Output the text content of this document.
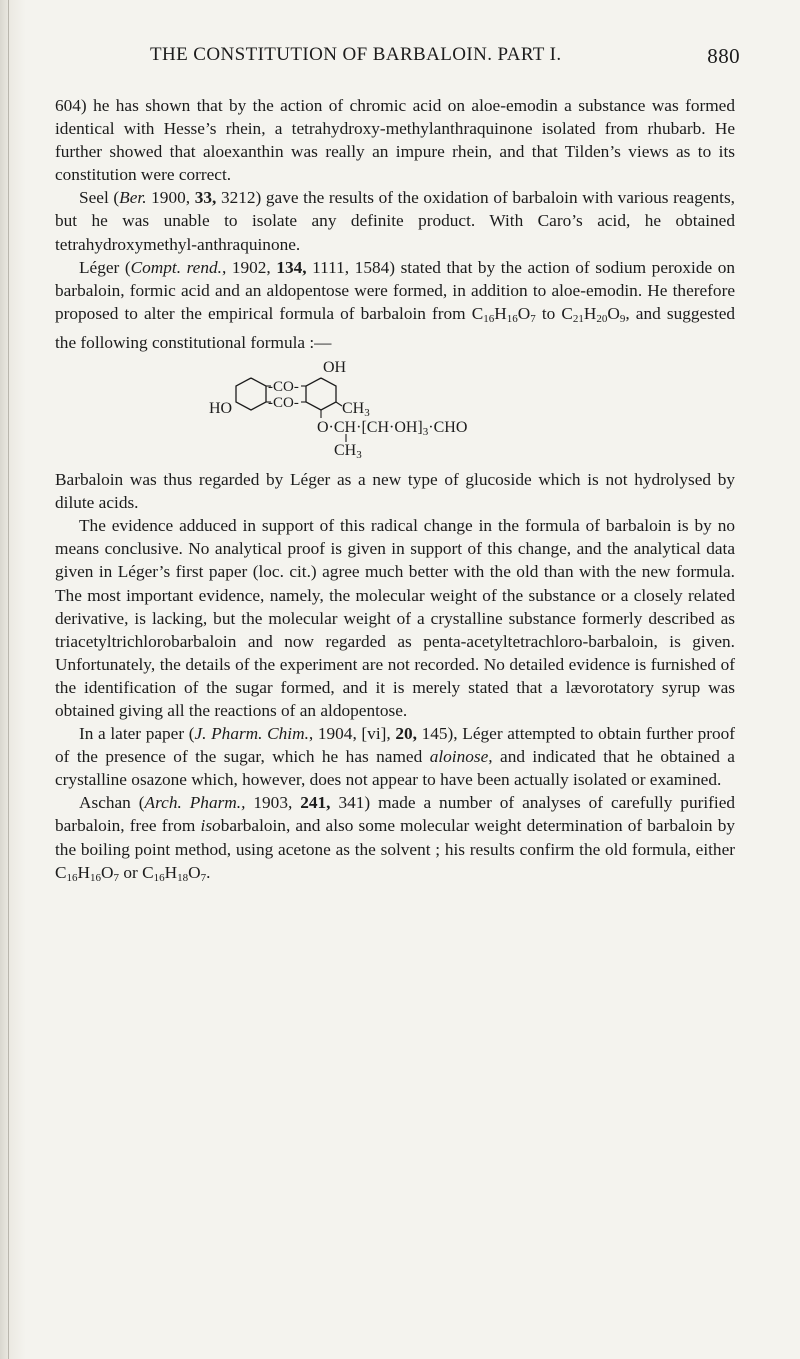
THE CONSTITUTION OF BARBALOIN. PART I.	880

604) he has shown that by the action of chromic acid on aloe-emodin a substance was formed identical with Hesse’s rhein, a tetrahydroxy-methylanthraquinone isolated from rhubarb. He further showed that aloexanthin was really an impure rhein, and that Tilden’s views as to its constitution were correct.

Seel (Ber. 1900, 33, 3212) gave the results of the oxidation of barbaloin with various reagents, but he was unable to isolate any definite product. With Caro’s acid, he obtained tetrahydroxymethyl-anthraquinone.

Léger (Compt. rend., 1902, 134, 1111, 1584) stated that by the action of sodium peroxide on barbaloin, formic acid and an aldopentose were formed, in addition to aloe-emodin. He therefore proposed to alter the empirical formula of barbaloin from $C_{16}H_{16}O_7$ to $C_{21}H_{20}O_9$, and suggested the following constitutional formula :—

OH
-CO-
-CO-
HO	CH3
O·CH·[CH·OH]3·CHO
CH3

Barbaloin was thus regarded by Léger as a new type of glucoside which is not hydrolysed by dilute acids.

The evidence adduced in support of this radical change in the formula of barbaloin is by no means conclusive. No analytical proof is given in support of this change, and the analytical data given in Léger’s first paper (loc. cit.) agree much better with the old than with the new formula. The most important evidence, namely, the molecular weight of the substance or a closely related derivative, is lacking, but the molecular weight of a crystalline substance formerly described as triacetyltrichlorobarbaloin and now regarded as penta-acetyltetrachloro-barbaloin, is given. Unfortunately, the details of the experiment are not recorded. No detailed evidence is furnished of the identification of the sugar formed, and it is merely stated that a lævorotatory syrup was obtained giving all the reactions of an aldopentose.

In a later paper (J. Pharm. Chim., 1904, [vi], 20, 145), Léger attempted to obtain further proof of the presence of the sugar, which he has named aloinose, and indicated that he obtained a crystalline osazone which, however, does not appear to have been actually isolated or examined.

Aschan (Arch. Pharm., 1903, 241, 341) made a number of analyses of carefully purified barbaloin, free from isobarbaloin, and also some molecular weight determination of barbaloin by the boiling point method, using acetone as the solvent ; his results confirm the old formula, either $C_{16}H_{16}O_7$ or $C_{16}H_{18}O_7$.
